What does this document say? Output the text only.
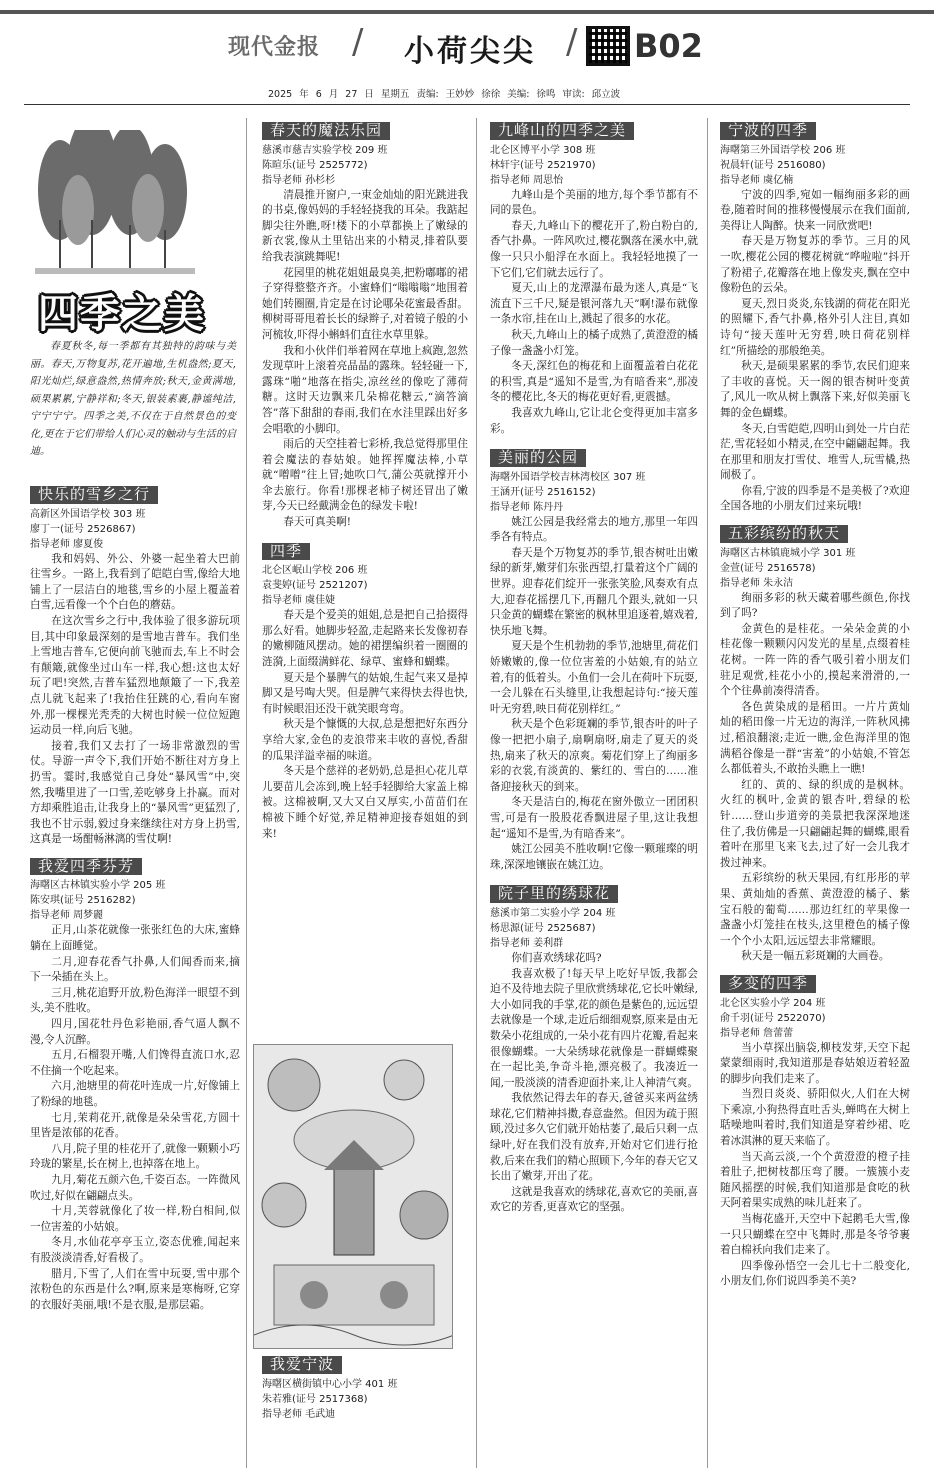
现代金报 / 小荷尖尖 / B02
2025 年 6 月 27 日 星期五 责编: 王妙妙 徐徐 美编: 徐鸣 审读: 邱立波
四季之美

春夏秋冬,每一季都有其独特的韵味与美丽。春天,万物复苏,花开遍地,生机盎然;夏天,阳光灿烂,绿意盎然,热情奔放;秋天,金黄满地,硕果累累,宁静祥和;冬天,银装素裹,静谧纯洁,宁宁宁宁。四季之美,不仅在于自然景色的变化,更在于它们带给人们心灵的触动与生活的启迪。

快乐的雪乡之行
高新区外国语学校 303 班
廖丁一(证号 2526867)
指导老师 廖夏俊

我和妈妈、外公、外婆一起坐着大巴前往雪乡。一路上,我看到了皑皑白雪,像给大地铺上了一层洁白的地毯,雪乡的小屋上覆盖着白雪,远看像一个个白色的蘑菇。

在这次雪乡之行中,我体验了很多游玩项目,其中印象最深刻的是雪地吉普车。我们坐上雪地吉普车,它便向前飞驰而去,车上不时会有颠簸,就像坐过山车一样,我心想:这也太好玩了吧!突然,吉普车猛烈地颠簸了一下,我差点儿就飞起来了!我抬住狂跳的心,看向车窗外,那一棵棵光秃秃的大树也时候一位位短跑运动员一样,向后飞驰。

接着,我们又去打了一场非常激烈的雪仗。导游一声令下,我们开始不断往对方身上扔雪。霎时,我感觉自己身处“暴风雪”中,突然,我嘴里进了一口雪,差吃够身上扑赢。而对方却乘胜追击,让我身上的“暴风雪”更猛烈了,我也不甘示弱,毅过身来继续往对方身上扔雪,这真是一场酣畅淋漓的雪仗啊!

我爱四季芬芳
海曙区古林镇实验小学 205 班
陈安琪(证号 2516282)
指导老师 周梦麗

正月,山茶花就像一张张红色的大床,蜜蜂躺在上面睡觉。

二月,迎春花香气扑鼻,人们闻香而来,摘下一朵插在头上。

三月,桃花追野开放,粉色海洋一眼望不到头,美不胜收。

四月,国花牡丹色彩艳丽,香气逼人飘不漫,令人沉醉。

五月,石榴裂开嘴,人们馋得直流口水,忍不住摘一个吃起来。

六月,池塘里的荷花叶连成一片,好像铺上了粉绿的地毯。

七月,茉莉花开,就像是朵朵雪花,方圆十里皆是浓郁的花香。

八月,院子里的桂花开了,就像一颗颗小巧玲珑的繁星,长在树上,也掉落在地上。

九月,菊花五颜六色,千姿百态。一阵微风吹过,好似在翩翩点头。

十月,芙蓉就像化了妆一样,粉白相间,似一位害羞的小姑娘。

冬月,水仙花亭亭玉立,姿态优雅,闻起来有股淡淡清香,好看极了。

腊月,下雪了,人们在雪中玩耍,雪中那个浓粉色的东西是什么?啊,原来是寒梅呀,它穿的衣服好美丽,哦!不是衣服,是那层霜。

春天的魔法乐园
慈溪市慈吉实验学校 209 班
陈暄乐(证号 2525772)
指导老师 孙杉杉

清晨推开窗户,一束金灿灿的阳光跳进我的书桌,像妈妈的手轻轻挠我的耳朵。我踮起脚尖往外瞧,呀!楼下的小草都换上了嫩绿的新衣裳,像从土里钻出来的小精灵,排着队要给我表演跳舞呢!

花园里的桃花姐姐最臭美,把粉嘟嘟的裙子穿得整整齐齐。小蜜蜂们“嗡嗡嗡”地围着她们转圈圈,肯定是在讨论哪朵花蜜最香甜。柳树哥哥甩着长长的绿辫子,对着镜子般的小河梳妆,吓得小蝌蚪们直往水草里躲。

我和小伙伴们举着网在草地上疯跑,忽然发现草叶上滚着亮晶晶的露珠。轻轻碰一下,露珠“啪”地落在指尖,凉丝丝的像吃了薄荷糖。这时天边飘来几朵棉花糖云,“滴答滴答”落下甜甜的春雨,我们在水洼里踩出好多会唱歌的小脚印。

雨后的天空挂着七彩桥,我总觉得那里住着会魔法的春姑娘。她挥挥魔法棒,小草就“噌噌”往上冒;她吹口气,蒲公英就撑开小伞去旅行。你看!那棵老柿子树还冒出了嫩芽,今天已经戴满金色的绿发卡啦!

春天可真美啊!

四季
北仑区岷山学校 206 班
袁斐婷(证号 2521207)
指导老师 虞佳婕

春天是个爱美的姐姐,总是把自己拾掇得那么好看。她脚步轻盈,走起路来长发像初春的嫩柳随风摆动。她的裙摆编织着一圈圈的涟漪,上面缀满鲜花、绿草、蜜蜂和蝴蝶。

夏天是个暴脾气的姑娘,生起气来又是掉脚又是号啕大哭。但是脾气来得快去得也快,有时候眼泪还没干就笑眼弯弯。

秋天是个慷慨的大叔,总是想把好东西分享给大家,金色的麦浪带来丰收的喜悦,香甜的瓜果洋溢幸福的味道。

冬天是个慈祥的老奶奶,总是担心花儿草儿要苗儿会冻到,晚上轻手轻脚给大家盖上棉被。这棉被啊,又大又白又厚实,小苗苗们在棉被下睡个好觉,养足精神迎接春姐姐的到来!

我爱宁波
海曙区横街镇中心小学 401 班
朱若雅(证号 2517368)
指导老师 毛武迪
九峰山的四季之美
北仑区博平小学 308 班
林轩宇(证号 2521970)
指导老师 周思怡

九峰山是个美丽的地方,每个季节都有不同的景色。

春天,九峰山下的樱花开了,粉白粉白的,香气扑鼻。一阵风吹过,樱花飘落在溪水中,就像一只只小船浮在水面上。我轻轻地摸了一下它们,它们就去远行了。

夏天,山上的龙潭瀑布最为迷人,真是“飞流直下三千尺,疑是银河落九天”啊!瀑布就像一条水帘,挂在山上,溅起了很多的水花。

秋天,九峰山上的橘子成熟了,黄澄澄的橘子像一盏盏小灯笼。

冬天,深红色的梅花和上面覆盖着白花花的积雪,真是“遥知不是雪,为有暗香来”,那凌冬的樱花比,冬天的梅花更好看,更震撼。

我喜欢九峰山,它让北仑变得更加丰富多彩。

美丽的公园
海曙外国语学校吉林湾校区 307 班
王涵开(证号 2516152)
指导老师 陈丹丹

姚江公园是我经常去的地方,那里一年四季各有特点。

春天是个万物复苏的季节,银杏树吐出嫩绿的新芽,嫩芽们东张西望,打量着这个广阔的世界。迎春花们绽开一张张笑脸,风奏欢有点大,迎春花摇摆几下,再翻几个跟头,就如一只只金黄的蝴蝶在繁密的枫林里追逐着,嬉戏着,快乐地飞舞。

夏天是个生机勃勃的季节,池塘里,荷花们娇嫩嫩的,像一位位害羞的小姑娘,有的站立着,有的低着头。小鱼们一会儿在荷叶下玩耍,一会儿躲在石头缝里,让我想起诗句:“接天莲叶无穷碧,映日荷花别样红。”

秋天是个色彩斑斓的季节,银杏叶的叶子像一把把小扇子,扇啊扇呀,扇走了夏天的炎热,扇来了秋天的凉爽。菊花们穿上了绚丽多彩的衣裳,有淡黄的、紫红的、雪白的……准备迎接秋天的到来。

冬天是洁白的,梅花在窗外傲立一团团积雪,可是有一股股花香飘进屋子里,这让我想起“遥知不是雪,为有暗香来”。

姚江公园美不胜收啊!它像一颗璀璨的明珠,深深地镶嵌在姚江边。

院子里的绣球花
慈溪市第二实验小学 204 班
杨思源(证号 2525687)
指导老师 姜利群

你们喜欢绣球花吗?

我喜欢极了!每天早上吃好早饭,我都会迫不及待地去院子里欣赏绣球花,它长叶嫩绿,大小如同我的手掌,花的颜色是紫色的,远远望去就像是一个球,走近后细细观察,原来是由无数朵小花组成的,一朵小花有四片花瓣,看起来很像蝴蝶。一大朵绣球花就像是一群蝴蝶聚在一起比美,争奇斗艳,漂亮极了。我凑近一闻,一股淡淡的清香迎面扑来,让人神清气爽。

我依然记得去年的春天,爸爸买来两盆绣球花,它们精神抖擞,春意盎然。但因为疏于照顾,没过多久它们就开始枯萎了,最后只剩一点绿叶,好在我们没有放弃,开始对它们进行抢救,后来在我们的精心照顾下,今年的春天它又长出了嫩芽,开出了花。

这就是我喜欢的绣球花,喜欢它的美丽,喜欢它的芳香,更喜欢它的坚强。

宁波的四季
海曙第三外国语学校 206 班
祝晨轩(证号 2516080)
指导老师 虞亿楠

宁波的四季,宛如一幅绚丽多彩的画卷,随着时间的推移慢慢展示在我们面前,美得让人陶醉。快来一同欣赏吧!

春天是万物复苏的季节。三月的风一吹,樱花公园的樱花树就“哗啦啦”抖开了粉裙子,花瓣落在地上像发夹,飘在空中像粉色的云朵。

夏天,烈日炎炎,东钱湖的荷花在阳光的照耀下,香气扑鼻,格外引人注目,真如诗句“接天莲叶无穷碧,映日荷花别样红”所描绘的那般绝美。

秋天,是硕果累累的季节,农民们迎来了丰收的喜悦。天一阁的银杏树叶变黄了,风儿一吹从树上飘落下来,好似美丽飞舞的金色蝴蝶。

冬天,白雪皑皑,四明山到处一片白茫茫,雪花轻如小精灵,在空中翩翩起舞。我在那里和朋友打雪仗、堆雪人,玩雪橇,热闹极了。

你看,宁波的四季是不是美极了?欢迎全国各地的小朋友们过来玩哦!

五彩缤纷的秋天
海曙区古林镇鹿城小学 301 班
金萱(证号 2516578)
指导老师 朱永洁

绚丽多彩的秋天藏着哪些颜色,你找到了吗?

金黄色的是桂花。一朵朵金黄的小桂花像一颗颗闪闪发光的星星,点缀着桂花树。一阵一阵的香气吸引着小朋友们驻足观赏,桂花小小的,摸起来滑滑的,一个个往鼻前凑得清香。

各色黄染成的是稻田。一片片黄灿灿的稻田像一片无边的海洋,一阵秋风拂过,稻浪翻滚;走近一瞧,金色海洋里的饱满稻谷像是一群“害羞”的小姑娘,不管怎么都低着头,不敢抬头瞧上一瞧!

红的、黄的、绿的织成的是枫林。火红的枫叶,金黄的银杏叶,碧绿的松针……登山步道旁的美景把我深深地迷住了,我仿佛是一只翩翩起舞的蝴蝶,眼看着叶在那里飞来飞去,过了好一会儿我才拨过神来。

五彩缤纷的秋天果园,有红彤彤的苹果、黄灿灿的香蕉、黄澄澄的橘子、紫宝石般的葡萄……那边红红的苹果像一盏盏小灯笼挂在枝头,这里橙色的橘子像一个个小太阳,远远望去非常耀眼。

秋天是一幅五彩斑斓的大画卷。

多变的四季
北仑区实验小学 204 班
俞千羽(证号 2522070)
指导老师 詹蕾蕾

当小草探出脑袋,柳枝发芽,天空下起蒙蒙细雨时,我知道那是春姑娘迈着轻盈的脚步向我们走来了。

当烈日炎炎、骄阳似火,人们在大树下乘凉,小狗热得直吐舌头,蝉鸣在大树上聒噪地叫着时,我们知道是穿着纱裙、吃着冰淇淋的夏天来临了。

当天高云淡,一个个黄澄澄的橙子挂着肚子,把树枝都压弯了腰。一簇簇小麦随风摇摆的时候,我们知道那是食吃的秋天阿着果实成熟的味儿赶来了。

当梅花盛开,天空中下起鹅毛大雪,像一只只蝴蝶在空中飞舞时,那是冬爷爷裹着白棉袄向我们走来了。

四季像孙悟空一会儿七十二般变化,小朋友们,你们说四季美不美?
